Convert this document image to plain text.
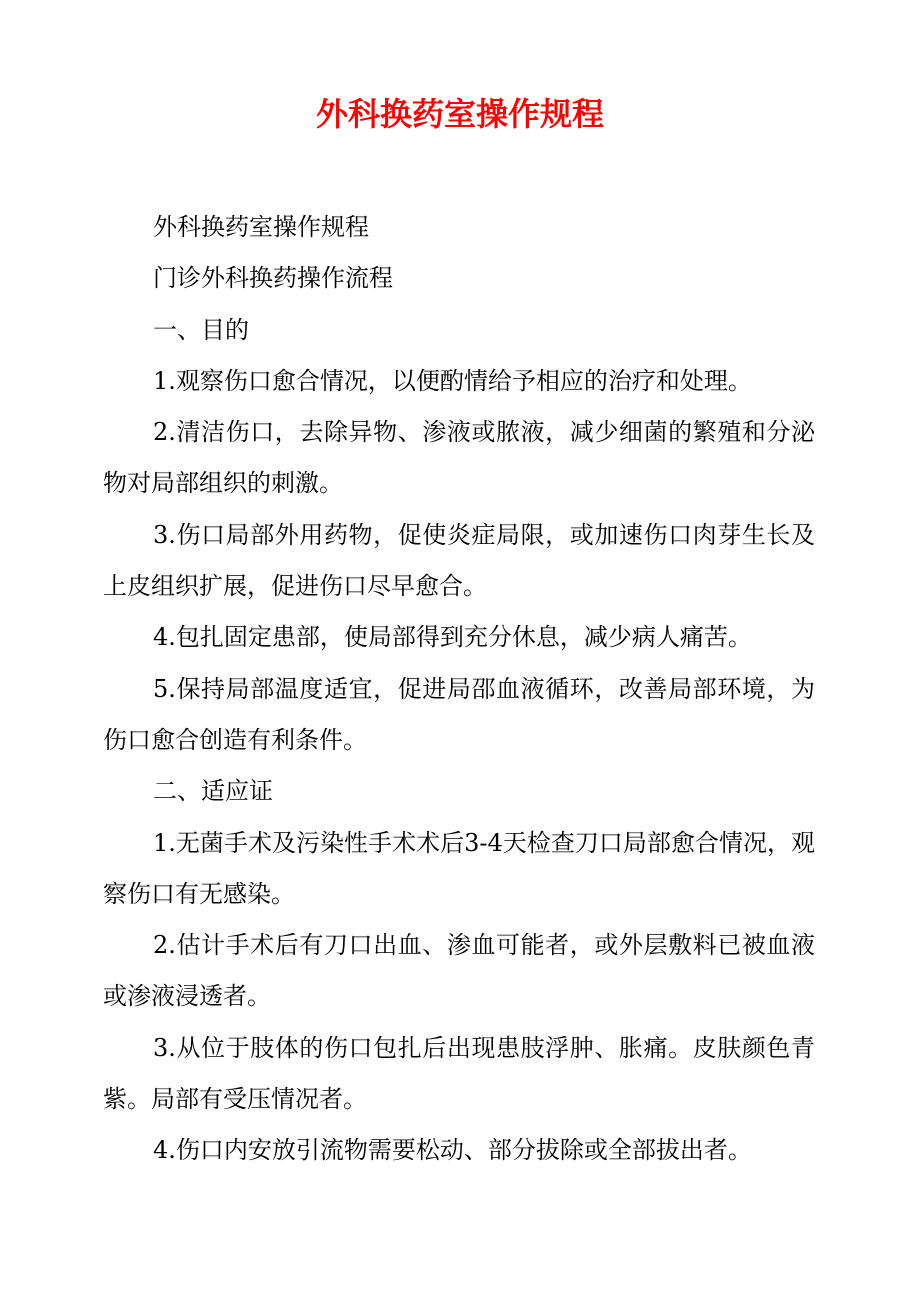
外科换药室操作规程

外科换药室操作规程

门诊外科换药操作流程

一、目的

1.观察伤口愈合情况，以便酌情给予相应的治疗和处理。

2.清洁伤口，去除异物、渗液或脓液，减少细菌的繁殖和分泌物对局部组织的刺激。

3.伤口局部外用药物，促使炎症局限，或加速伤口肉芽生长及上皮组织扩展，促进伤口尽早愈合。

4.包扎固定患部，使局部得到充分休息，减少病人痛苦。

5.保持局部温度适宜，促进局邵血液循环，改善局部环境，为伤口愈合创造有利条件。

二、适应证

1.无菌手术及污染性手术术后3-4天检查刀口局部愈合情况，观察伤口有无感染。

2.估计手术后有刀口出血、渗血可能者，或外层敷料已被血液或渗液浸透者。

3.从位于肢体的伤口包扎后出现患肢浮肿、胀痛。皮肤颜色青紫。局部有受压情况者。

4.伤口内安放引流物需要松动、部分拔除或全部拔出者。
